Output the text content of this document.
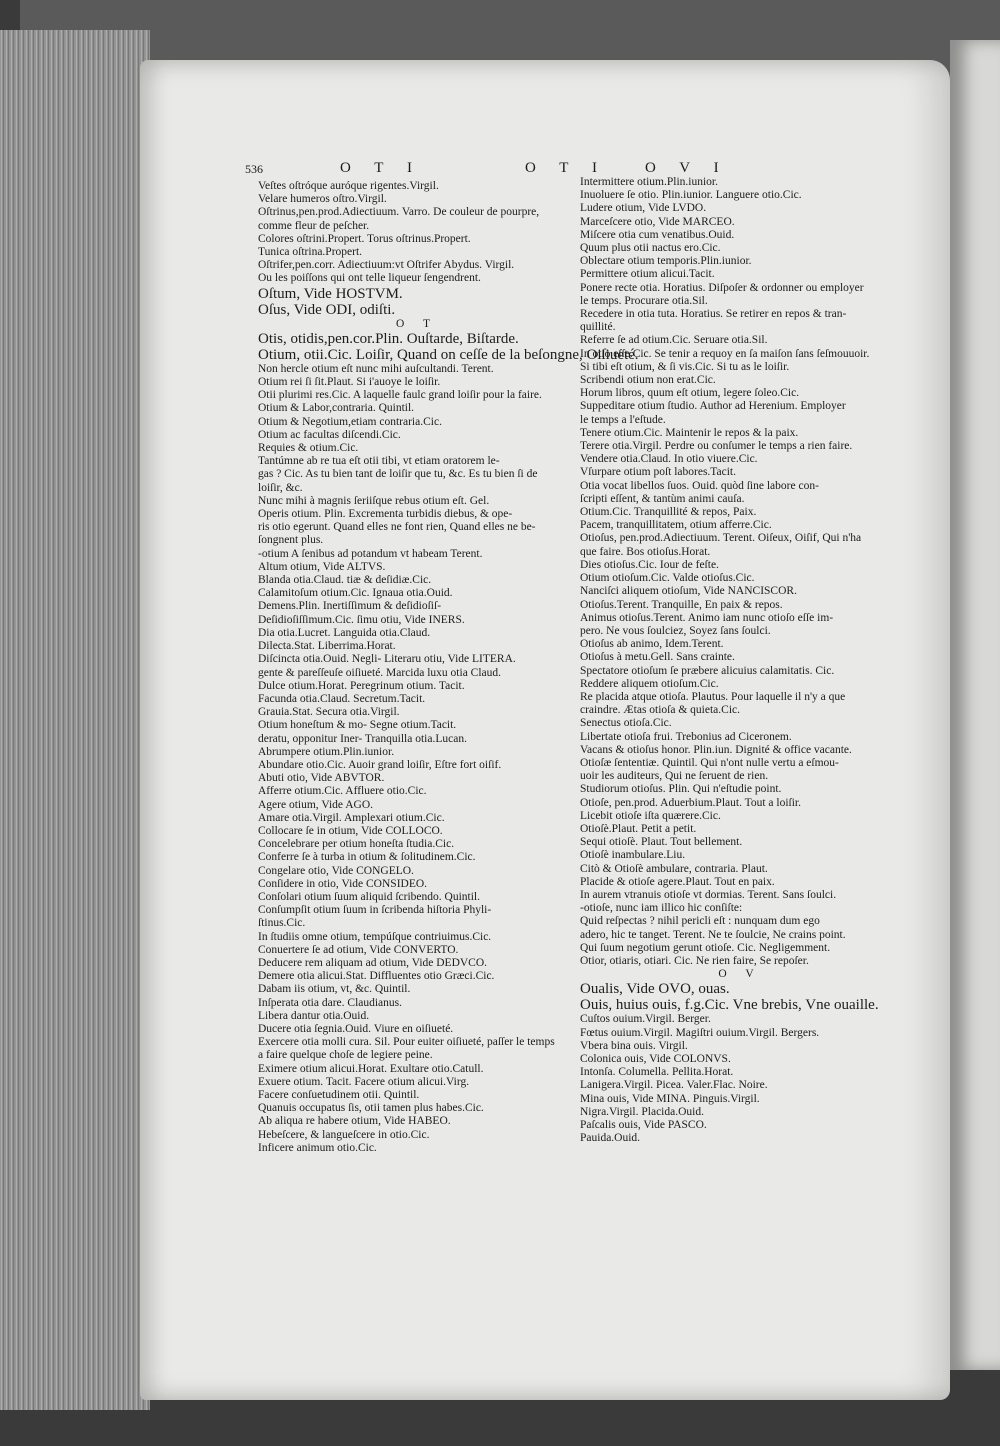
536	O T I	O T I	O V I
Veſtes oſtróque auróque rigentes.Virgil.
Velare humeros oſtro.Virgil.
Oſtrinus,pen.prod.Adiectiuum. Varro. De couleur de pourpre,
comme fleur de peſcher.
Colores oſtrini.Propert. Torus oſtrinus.Propert.
Tunica oſtrina.Propert.
Oſtrifer,pen.corr. Adiectiuum:vt Oſtrifer Abydus. Virgil.
Ou les poiſſons qui ont telle liqueur ſengendrent.
Oſtum, Vide HOSTVM.
Oſus, Vide ODI, odiſti.
O T
Otis, otidis,pen.cor.Plin. Ouſtarde, Biſtarde.
Otium, otii.Cic. Loiſir, Quand on ceſſe de la beſongne, Oiſiueté.
Non hercle otium eſt nunc mihi auſcultandi. Terent.
Otium rei ſi ſit.Plaut. Si i'auoye le loiſir.
Otii plurimi res.Cic. A laquelle faulc grand loiſir pour la faire.
Otium & Labor,contraria. Quintil.
Otium & Negotium,etiam contraria.Cic.
Otium ac facultas diſcendi.Cic.
Requies & otium.Cic.
Tantúmne ab re tua eſt otii tibi, vt etiam oratorem le-
gas ? Cic. As tu bien tant de loiſir que tu, &c. Es tu bien ſi de
loiſir, &c.
Nunc mihi à magnis ſeriiſque rebus otium eſt. Gel.
Operis otium. Plin. Excrementa turbidis diebus, & ope-
ris otio egerunt. Quand elles ne font rien, Quand elles ne be-
ſongnent plus.
-otium A ſenibus ad potandum vt habeam Terent.
Altum otium, Vide ALTVS.
Blanda otia.Claud. tiæ & deſidiæ.Cic.
Calamitoſum otium.Cic. Ignaua otia.Ouid.
Demens.Plin. Inertiſſimum & deſidioſiſ-
Deſidioſiſſimum.Cic. ſimu otiu, Vide INERS.
Dia otia.Lucret. Languida otia.Claud.
Dilecta.Stat. Liberrima.Horat.
Diſcincta otia.Ouid. Negli- Literaru otiu, Vide LITERA.
gente & pareſſeuſe oiſiueté. Marcida luxu otia Claud.
Dulce otium.Horat. Peregrinum otium. Tacit.
Facunda otia.Claud. Secretum.Tacit.
Grauia.Stat. Secura otia.Virgil.
Otium honeſtum & mo- Segne otium.Tacit.
deratu, opponitur Iner- Tranquilla otia.Lucan.
Abrumpere otium.Plin.iunior.
Abundare otio.Cic. Auoir grand loiſir, Eſtre fort oiſif.
Abuti otio, Vide ABVTOR.
Afferre otium.Cic. Affluere otio.Cic.
Agere otium, Vide AGO.
Amare otia.Virgil. Amplexari otium.Cic.
Collocare ſe in otium, Vide COLLOCO.
Concelebrare per otium honeſta ſtudia.Cic.
Conferre ſe à turba in otium & ſolitudinem.Cic.
Congelare otio, Vide CONGELO.
Conſidere in otio, Vide CONSIDEO.
Conſolari otium ſuum aliquid ſcribendo. Quintil.
Conſumpſit otium ſuum in ſcribenda hiſtoria Phyli-
ſtinus.Cic.
In ſtudiis omne otium, tempúſque contriuimus.Cic.
Conuertere ſe ad otium, Vide CONVERTO.
Deducere rem aliquam ad otium, Vide DEDVCO.
Demere otia alicui.Stat. Diffluentes otio Græci.Cic.
Dabam iis otium, vt, &c. Quintil.
Inſperata otia dare. Claudianus.
Libera dantur otia.Ouid.
Ducere otia ſegnia.Ouid. Viure en oiſiueté.
Exercere otia molli cura. Sil. Pour euiter oiſiueté, paſſer le temps
a faire quelque choſe de legiere peine.
Eximere otium alicui.Horat. Exultare otio.Catull.
Exuere otium. Tacit. Facere otium alicui.Virg.
Facere conſuetudinem otii. Quintil.
Quanuis occupatus ſis, otii tamen plus habes.Cic.
Ab aliqua re habere otium, Vide HABEO.
Hebeſcere, & langueſcere in otio.Cic.
Inficere animum otio.Cic.
Intermittere otium.Plin.iunior.
Inuoluere ſe otio. Plin.iunior. Languere otio.Cic.
Ludere otium, Vide LVDO.
Marceſcere otio, Vide MARCEO.
Miſcere otia cum venatibus.Ouid.
Quum plus otii nactus ero.Cic.
Oblectare otium temporis.Plin.iunior.
Permittere otium alicui.Tacit.
Ponere recte otia. Horatius. Diſpoſer & ordonner ou employer
le temps. Procurare otia.Sil.
Recedere in otia tuta. Horatius. Se retirer en repos & tran-
quillité.
Referre ſe ad otium.Cic. Seruare otia.Sil.
In otio eſſe.Cic. Se tenir a requoy en ſa maiſon ſans ſeſmouuoir.
Si tibi eſt otium, & ſi vis.Cic. Si tu as le loiſir.
Scribendi otium non erat.Cic.
Horum libros, quum eſt otium, legere ſoleo.Cic.
Suppeditare otium ſtudio. Author ad Herenium. Employer
le temps a l'eſtude.
Tenere otium.Cic. Maintenir le repos & la paix.
Terere otia.Virgil. Perdre ou conſumer le temps a rien faire.
Vendere otia.Claud. In otio viuere.Cic.
Vſurpare otium poſt labores.Tacit.
Otia vocat libellos ſuos. Ouid. quòd ſine labore con-
ſcripti eſſent, & tantùm animi cauſa.
Otium.Cic. Tranquillité & repos, Paix.
Pacem, tranquillitatem, otium afferre.Cic.
Otioſus, pen.prod.Adiectiuum. Terent. Oiſeux, Oiſif, Qui n'ha
que faire. Bos otioſus.Horat.
Dies otioſus.Cic. Iour de feſte.
Otium otioſum.Cic. Valde otioſus.Cic.
Nanciſci aliquem otioſum, Vide NANCISCOR.
Otioſus.Terent. Tranquille, En paix & repos.
Animus otioſus.Terent. Animo iam nunc otioſo eſſe im-
pero. Ne vous ſoulciez, Soyez ſans ſoulci.
Otioſus ab animo, Idem.Terent.
Otioſus à metu.Gell. Sans crainte.
Spectatore otioſum ſe præbere alicuius calamitatis. Cic.
Reddere aliquem otioſum.Cic.
Re placida atque otioſa. Plautus. Pour laquelle il n'y a que
craindre. Ætas otioſa & quieta.Cic.
Senectus otioſa.Cic.
Libertate otioſa frui. Trebonius ad Ciceronem.
Vacans & otioſus honor. Plin.iun. Dignité & office vacante.
Otioſæ ſententiæ. Quintil. Qui n'ont nulle vertu a eſmou-
uoir les auditeurs, Qui ne ſeruent de rien.
Studiorum otioſus. Plin. Qui n'eſtudie point.
Otioſe, pen.prod. Aduerbium.Plaut. Tout a loiſir.
Licebit otioſe iſta quærere.Cic.
Otioſè.Plaut. Petit a petit.
Sequi otioſè. Plaut. Tout bellement.
Otioſè inambulare.Liu.
Citò & Otioſè ambulare, contraria. Plaut.
Placide & otioſe agere.Plaut. Tout en paix.
In aurem vtranuis otioſe vt dormias. Terent. Sans ſoulci.
-otioſe, nunc iam illico hic conſiſte:
Quid reſpectas ? nihil pericli eſt : nunquam dum ego
adero, hic te tanget. Terent. Ne te ſoulcie, Ne crains point.
Qui ſuum negotium gerunt otioſe. Cic. Negligemment.
Otior, otiaris, otiari. Cic. Ne rien faire, Se repoſer.
O V
Oualis, Vide OVO, ouas.
Ouis, huius ouis, f.g.Cic. Vne brebis, Vne ouaille.
Cuſtos ouium.Virgil. Berger.
Fœtus ouium.Virgil. Magiſtri ouium.Virgil. Bergers.
Vbera bina ouis. Virgil.
Colonica ouis, Vide COLONVS.
Intonſa. Columella. Pellita.Horat.
Lanigera.Virgil. Picea. Valer.Flac. Noire.
Mina ouis, Vide MINA. Pinguis.Virgil.
Nigra.Virgil. Placida.Ouid.
Paſcalis ouis, Vide PASCO.
Pauida.Ouid.
